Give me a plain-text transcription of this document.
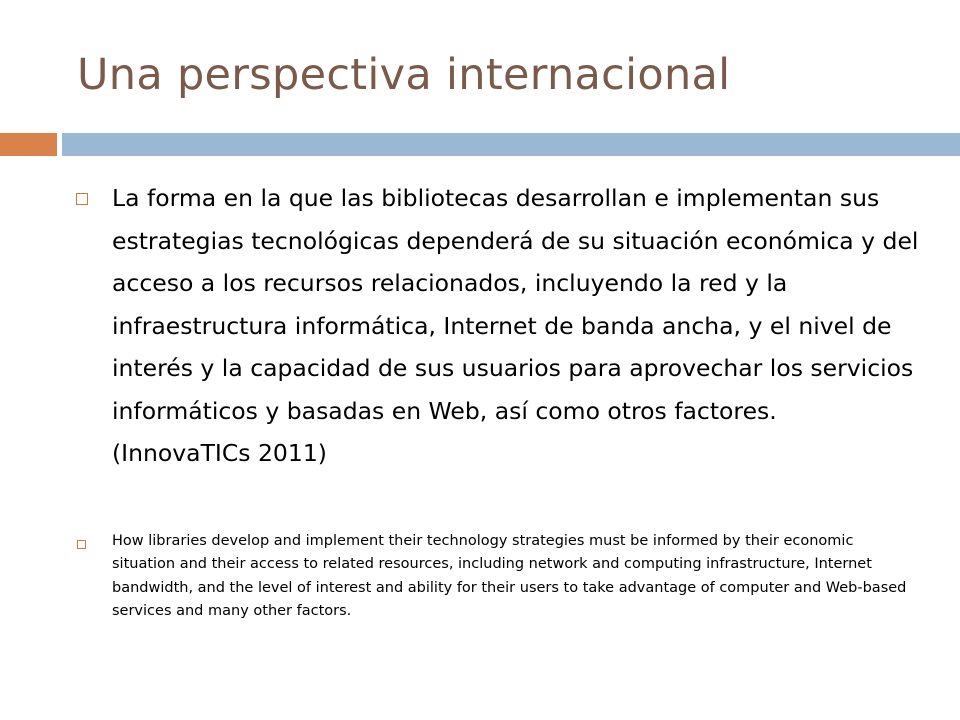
Una perspectiva internacional

La forma en la que las bibliotecas desarrollan e implementan sus estrategias tecnológicas dependerá de su situación económica y del acceso a los recursos relacionados, incluyendo la red y la infraestructura informática, Internet de banda ancha, y el nivel de interés y la capacidad de sus usuarios para aprovechar los servicios informáticos y basadas en Web, así como otros factores. (InnovaTICs 2011)

How libraries develop and implement their technology strategies must be informed by their economic situation and their access to related resources, including network and computing infrastructure, Internet bandwidth, and the level of interest and ability for their users to take advantage of computer and Web-based services and many other factors.
